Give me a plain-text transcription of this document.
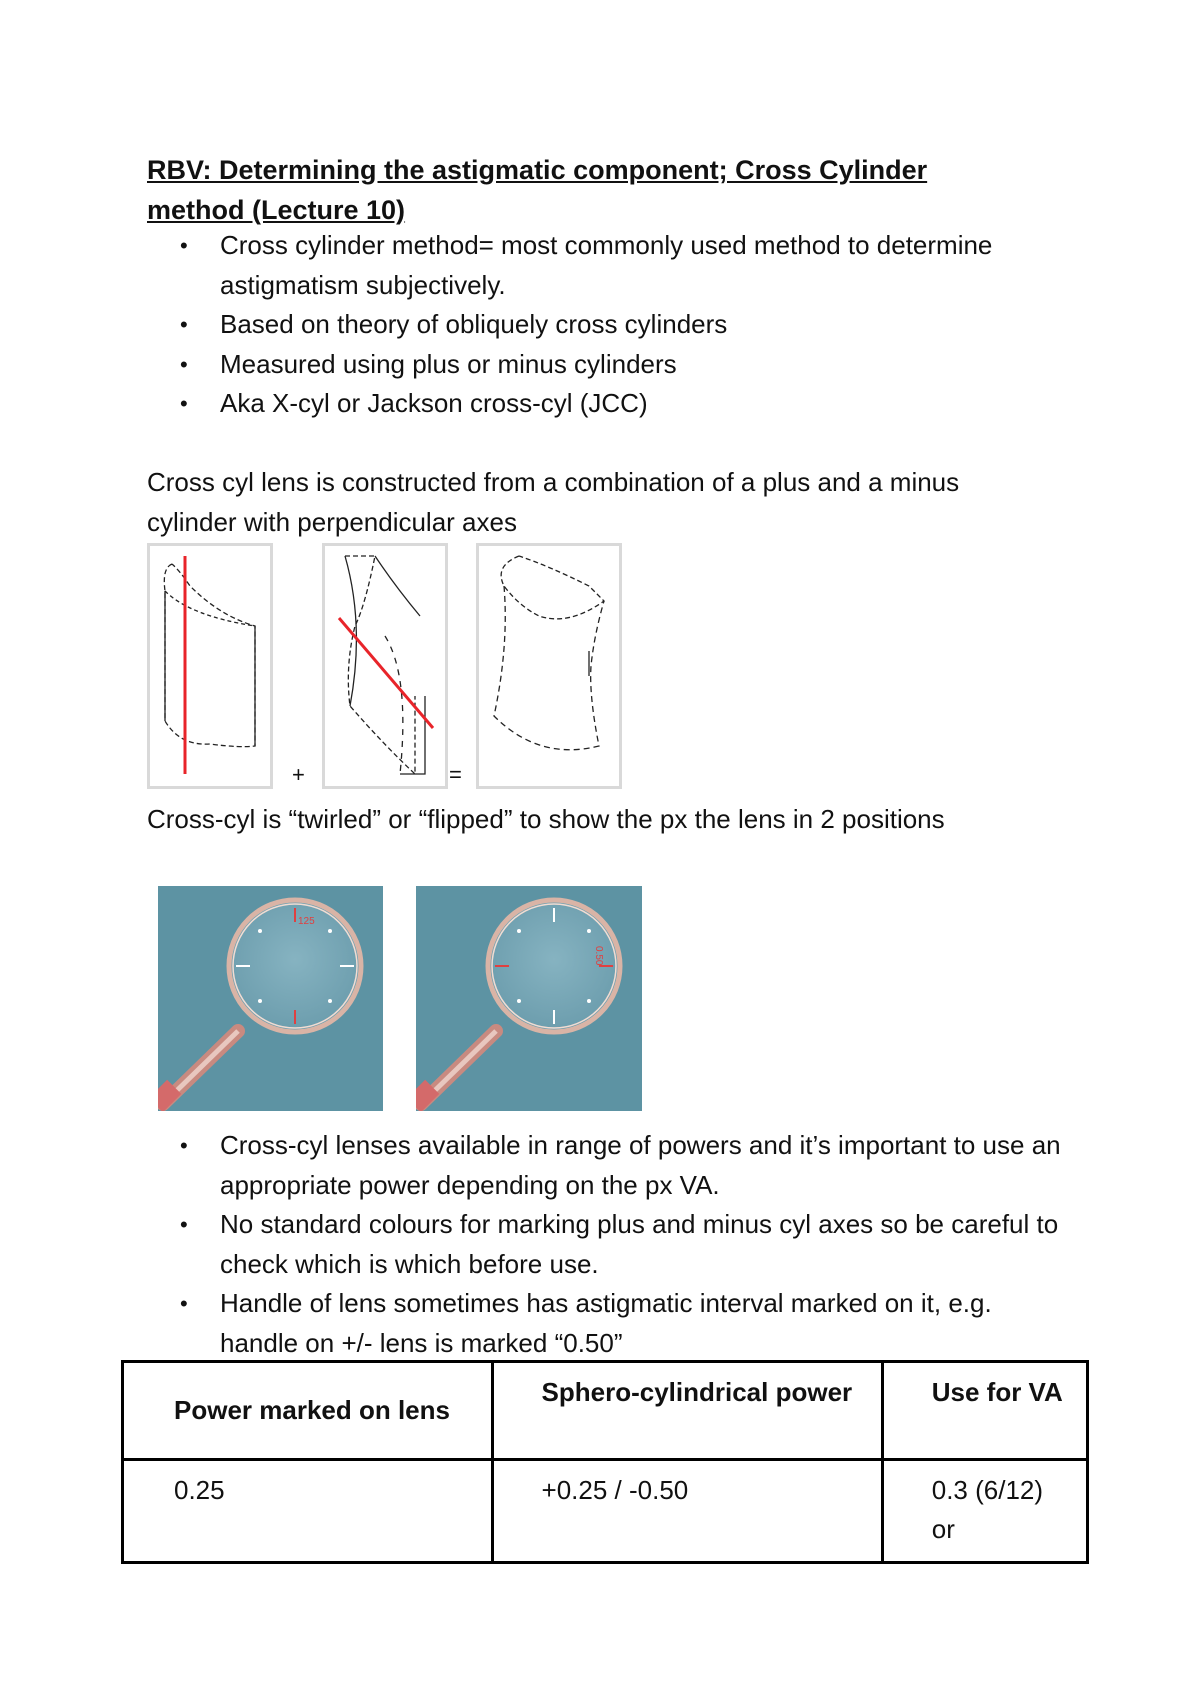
RBV: Determining the astigmatic component; Cross Cylinder method (Lecture 10)
• Cross cylinder method= most commonly used method to determine astigmatism subjectively.
• Based on theory of obliquely cross cylinders
• Measured using plus or minus cylinders
• Aka X-cyl or Jackson cross-cyl (JCC)
Cross cyl lens is constructed from a combination of a plus and a minus cylinder with perpendicular axes
+	=
Cross-cyl is “twirled” or “flipped” to show the px the lens in 2 positions
125
0.50
• Cross-cyl lenses available in range of powers and it’s important to use an appropriate power depending on the px VA.
• No standard colours for marking plus and minus cyl axes so be careful to check which is which before use.
• Handle of lens sometimes has astigmatic interval marked on it, e.g. handle on +/- lens is marked “0.50”
Power marked on lens	Sphero-cylindrical power	Use for VA
0.25	+0.25 / -0.50	0.3 (6/12) or
